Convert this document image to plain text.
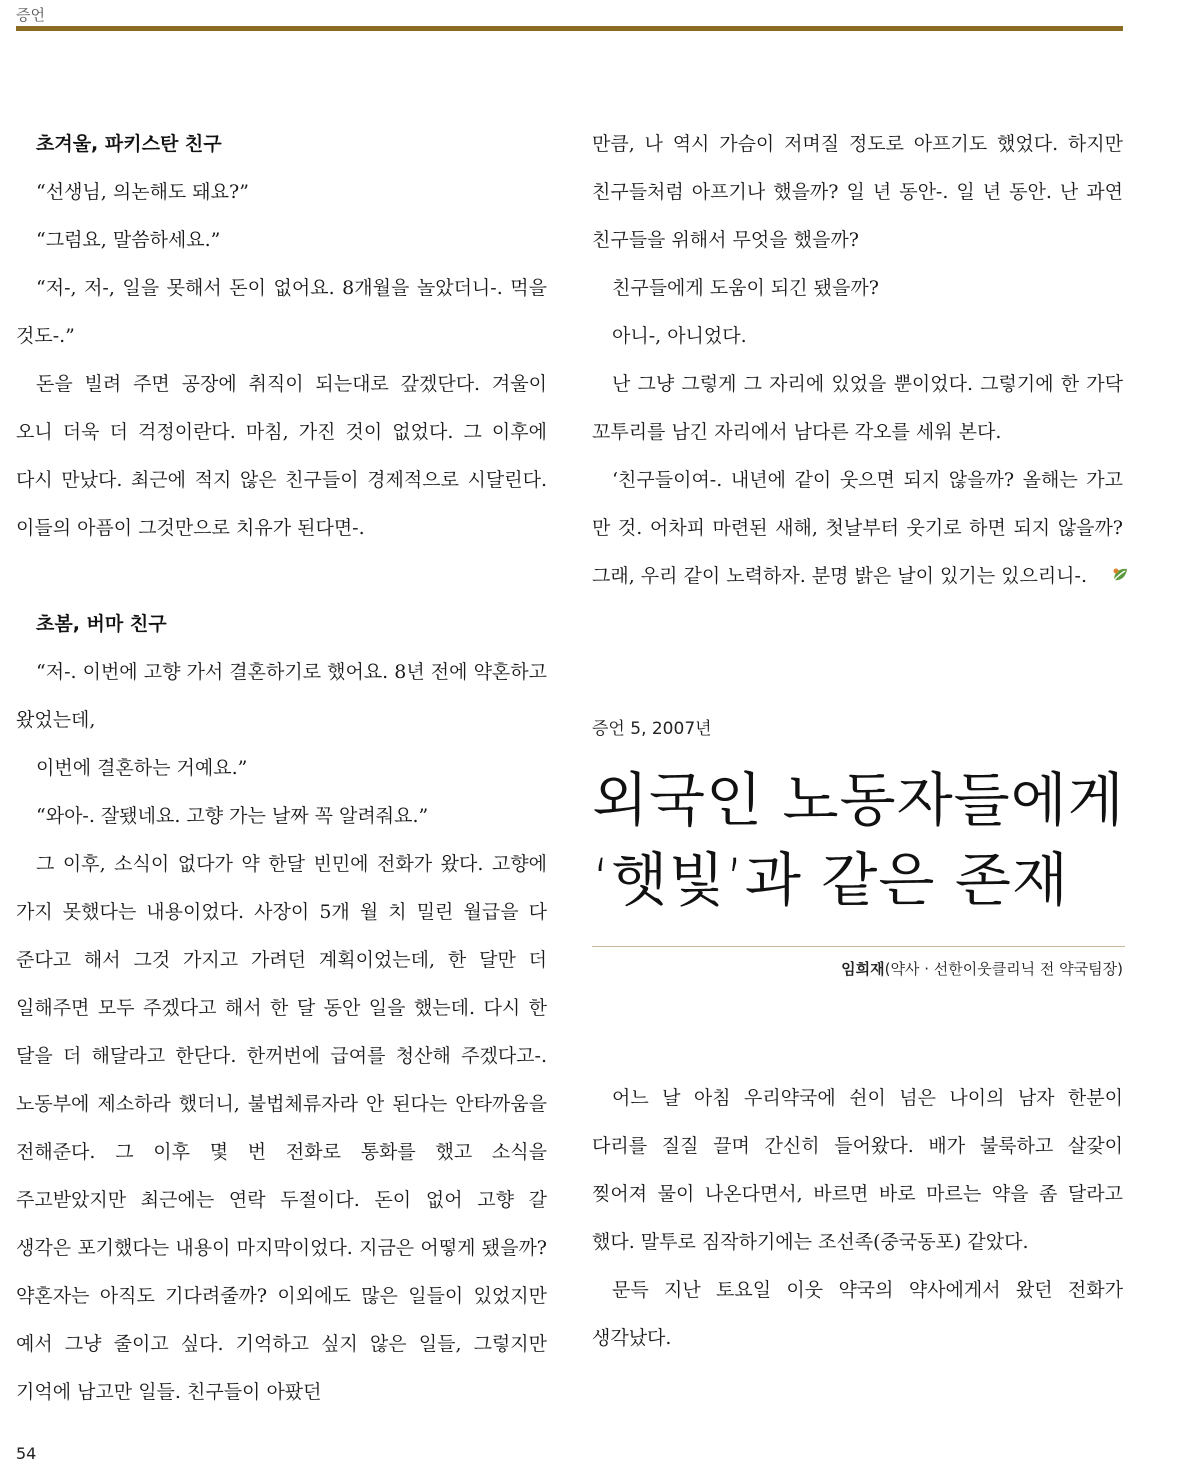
증언
초겨울, 파키스탄 친구

“선생님, 의논해도 돼요?”

“그럼요, 말씀하세요.”

“저-, 저-, 일을 못해서 돈이 없어요. 8개월을 놀았더니-. 먹을 것도-.”

돈을 빌려 주면 공장에 취직이 되는대로 갚겠단다. 겨울이 오니 더욱 더 걱정이란다. 마침, 가진 것이 없었다. 그 이후에 다시 만났다. 최근에 적지 않은 친구들이 경제적으로 시달린다. 이들의 아픔이 그것만으로 치유가 된다면-.

초봄, 버마 친구

“저-. 이번에 고향 가서 결혼하기로 했어요. 8년 전에 약혼하고 왔었는데,

이번에 결혼하는 거예요.”

“와아-. 잘됐네요. 고향 가는 날짜 꼭 알려줘요.”

그 이후, 소식이 없다가 약 한달 빈민에 전화가 왔다. 고향에 가지 못했다는 내용이었다. 사장이 5개 월 치 밀린 월급을 다 준다고 해서 그것 가지고 가려던 계획이었는데, 한 달만 더 일해주면 모두 주겠다고 해서 한 달 동안 일을 했는데. 다시 한 달을 더 해달라고 한단다. 한꺼번에 급여를 청산해 주겠다고-. 노동부에 제소하라 했더니, 불법체류자라 안 된다는 안타까움을 전해준다. 그 이후 몇 번 전화로 통화를 했고 소식을 주고받았지만 최근에는 연락 두절이다. 돈이 없어 고향 갈 생각은 포기했다는 내용이 마지막이었다. 지금은 어떻게 됐을까? 약혼자는 아직도 기다려줄까? 이외에도 많은 일들이 있었지만 예서 그냥 줄이고 싶다. 기억하고 싶지 않은 일들, 그렇지만 기억에 남고만 일들. 친구들이 아팠던

만큼, 나 역시 가슴이 저며질 정도로 아프기도 했었다. 하지만 친구들처럼 아프기나 했을까? 일 년 동안-. 일 년 동안. 난 과연 친구들을 위해서 무엇을 했을까?

친구들에게 도움이 되긴 됐을까?

아니-, 아니었다.

난 그냥 그렇게 그 자리에 있었을 뿐이었다. 그렇기에 한 가닥 꼬투리를 남긴 자리에서 남다른 각오를 세워 본다.

‘친구들이여-. 내년에 같이 웃으면 되지 않을까? 올해는 가고 만 것. 어차피 마련된 새해, 첫날부터 웃기로 하면 되지 않을까? 그래, 우리 같이 노력하자. 분명 밝은 날이 있기는 있으리니-.

증언 5, 2007년
외국인 노동자들에게
‘햇빛’과 같은 존재
임희재(약사 · 선한이웃클리닉 전 약국팀장)

어느 날 아침 우리약국에 쉰이 넘은 나이의 남자 한분이 다리를 질질 끌며 간신히 들어왔다. 배가 불룩하고 살갗이 찢어져 물이 나온다면서, 바르면 바로 마르는 약을 좀 달라고 했다. 말투로 짐작하기에는 조선족(중국동포) 같았다.

문득 지난 토요일 이웃 약국의 약사에게서 왔던 전화가 생각났다.

54
